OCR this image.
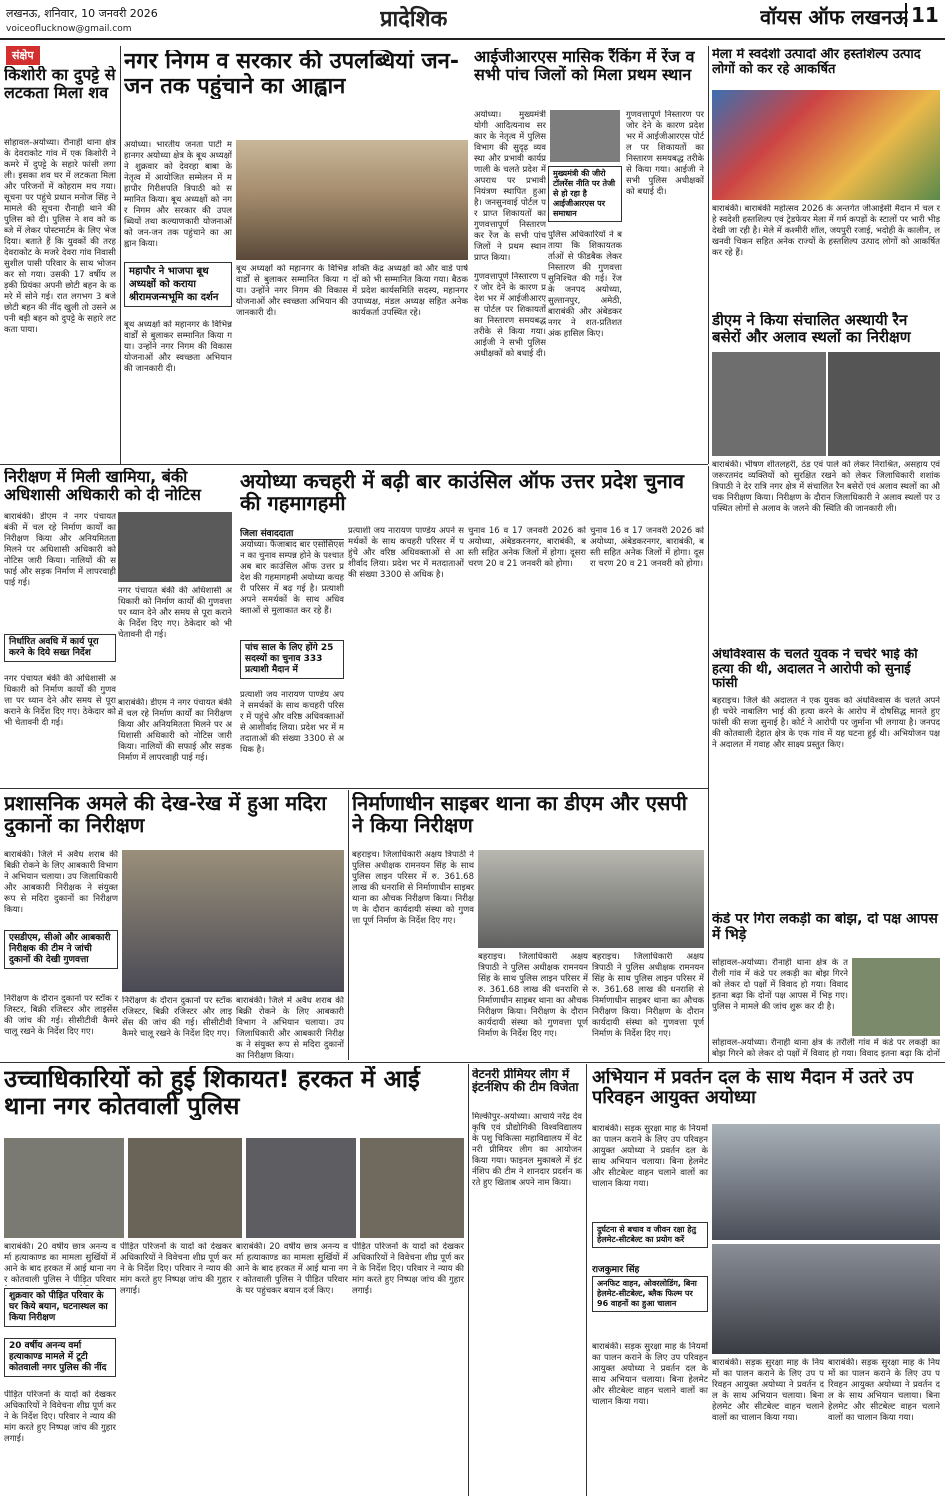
लखनऊ, शनिवार, 10 जनवरी 2026
voiceoflucknow@gmail.com	प्रादेशिक	वॉयस ऑफ लखनऊ 11
संक्षेप
किशोरी का दुपट्टे से लटकता मिला शव
सोहावल-अयोध्या। रौनाही थाना क्षेत्र के देवराकोट गांव में एक किशोरी ने कमरे में दुपट्टे के सहारे फांसी लगा ली। इसका शव घर में लटकता मिला और परिजनों में कोहराम मच गया। सूचना पर पहुंचे प्रधान मनोज सिंह ने मामले की सूचना रौनाही थाने की पुलिस को दी। पुलिस ने शव को कब्जे में लेकर पोस्टमार्टम के लिए भेज दिया। बताते हैं कि युवकों की तरह देवराकोट के मजरे देवरा गांव निवासी सुशील पासी परिवार के साथ भोजन कर सो गया। उसकी 17 वर्षीय लड़की प्रियंका अपनी छोटी बहन के कमरे में सोने गई। रात लगभग 3 बजे छोटी बहन की नींद खुली तो उसने अपनी बड़ी बहन को दुपट्टे के सहारे लटकता पाया।
नगर निगम व सरकार की उपलब्धियां जन-जन तक पहुंचाने का आह्वान
अयोध्या। भारतीय जनता पार्टी महानगर अयोध्या क्षेत्र के बूथ अध्यक्षों ने शुक्रवार को देवरहा बाबा के नेतृत्व में आयोजित सम्मेलन में महापौर गिरीशपति त्रिपाठी को सम्मानित किया। बूथ अध्यक्षों को नगर निगम और सरकार की उपलब्धियों तथा कल्याणकारी योजनाओं को जन-जन तक पहुंचाने का आह्वान किया।
महापौर ने भाजपा बूथ अध्यक्षों को कराया श्रीरामजन्मभूमि का दर्शन
बूथ अध्यक्षों को महानगर के विभिन्न वार्डों से बुलाकर सम्मानित किया गया। उन्होंने नगर निगम की विकास योजनाओं और स्वच्छता अभियान की जानकारी दी।
बूथ अध्यक्षों को महानगर के विभिन्न वार्डों से बुलाकर सम्मानित किया गया। उन्होंने नगर निगम की विकास योजनाओं और स्वच्छता अभियान की जानकारी दी।
शक्ति केंद्र अध्यक्षों को और वार्ड पार्षदों को भी सम्मानित किया गया। बैठक में प्रदेश कार्यसमिति सदस्य, महानगर उपाध्यक्ष, मंडल अध्यक्ष सहित अनेक कार्यकर्ता उपस्थित रहे।
आईजीआरएस मासिक रैंकिंग में रेंज व सभी पांच जिलों को मिला प्रथम स्थान
अयोध्या। मुख्यमंत्री योगी आदित्यनाथ सरकार के नेतृत्व में पुलिस विभाग की सुदृढ़ व्यवस्था और प्रभावी कार्यप्रणाली के चलते प्रदेश में अपराध पर प्रभावी नियंत्रण स्थापित हुआ है। जनसुनवाई पोर्टल पर प्राप्त शिकायतों का गुणवत्तापूर्ण निस्तारण कर रेंज के सभी पांच जिलों ने प्रथम स्थान प्राप्त किया।
मुख्यमंत्री की जीरो टॉलरेंस नीति पर तेजी से हो रहा है आईजीआरएस पर समाधान
पुलिस अधिकारियों ने बताया कि शिकायतकर्ताओं से फीडबैक लेकर निस्तारण की गुणवत्ता सुनिश्चित की गई। रेंज के जनपद अयोध्या, सुल्तानपुर, अमेठी, बाराबंकी और अंबेडकरनगर ने शत-प्रतिशत अंक हासिल किए।
गुणवत्तापूर्ण निस्तारण पर जोर देने के कारण प्रदेश भर में आईजीआरएस पोर्टल पर शिकायतों का निस्तारण समयबद्ध तरीके से किया गया। आईजी ने सभी पुलिस अधीक्षकों को बधाई दी।
गुणवत्तापूर्ण निस्तारण पर जोर देने के कारण प्रदेश भर में आईजीआरएस पोर्टल पर शिकायतों का निस्तारण समयबद्ध तरीके से किया गया। आईजी ने सभी पुलिस अधीक्षकों को बधाई दी।
मेला में स्वदेशी उत्पादों और हस्तशिल्प उत्पाद लोगों को कर रहे आकर्षित
बाराबंकी। बाराबंकी महोत्सव 2026 के अन्तर्गत जीआईसी मैदान में चल रहे स्वदेशी हस्तशिल्प एवं ट्रेडफेयर मेला में गर्म कपड़ों के स्टालों पर भारी भीड़ देखी जा रही है। मेले में कश्मीरी शॉल, जयपुरी रजाई, भदोही के कालीन, लखनवी चिकन सहित अनेक राज्यों के हस्तशिल्प उत्पाद लोगों को आकर्षित कर रहे हैं।
डीएम ने किया संचालित अस्थायी रैन बसेरों और अलाव स्थलों का निरीक्षण
बाराबंकी। भीषण शीतलहरी, ठंड एवं पाले को लेकर निराश्रित, असहाय एवं जरूरतमंद व्यक्तियों को सुरक्षित रखने को लेकर जिलाधिकारी शशांक त्रिपाठी ने देर रात्रि नगर क्षेत्र में संचालित रैन बसेरों एवं अलाव स्थलों का औचक निरीक्षण किया। निरीक्षण के दौरान जिलाधिकारी ने अलाव स्थलों पर उपस्थित लोगों से अलाव के जलने की स्थिति की जानकारी ली।
अंधविश्वास के चलते युवक ने चचेरे भाई की हत्या की थी, अदालत ने आरोपी को सुनाई फांसी
बहराइच। जिले की अदालत ने एक युवक को अंधविश्वास के चलते अपने ही चचेरे नाबालिग भाई की हत्या करने के आरोप में दोषसिद्ध मानते हुए फांसी की सजा सुनाई है। कोर्ट ने आरोपी पर जुर्माना भी लगाया है। जनपद की कोतवाली देहात क्षेत्र के एक गांव में यह घटना हुई थी। अभियोजन पक्ष ने अदालत में गवाह और साक्ष्य प्रस्तुत किए।
कंडे पर गिरा लकड़ी का बोझ, दो पक्ष आपस में भिड़े
सोहावल-अयोध्या। रौनाही थाना क्षेत्र के तरौली गांव में कंडे पर लकड़ी का बोझ गिरने को लेकर दो पक्षों में विवाद हो गया। विवाद इतना बढ़ा कि दोनों पक्ष आपस में भिड़ गए। पुलिस ने मामले की जांच शुरू कर दी है।
सोहावल-अयोध्या। रौनाही थाना क्षेत्र के तरौली गांव में कंडे पर लकड़ी का बोझ गिरने को लेकर दो पक्षों में विवाद हो गया। विवाद इतना बढ़ा कि दोनों
निरीक्षण में मिली खामिया, बंकी अधिशासी अधिकारी को दी नोटिस
बाराबंकी। डीएम ने नगर पंचायत बंकी में चल रहे निर्माण कार्यों का निरीक्षण किया और अनियमितता मिलने पर अधिशासी अधिकारी को नोटिस जारी किया। नालियों की सफाई और सड़क निर्माण में लापरवाही पाई गई।
नगर पंचायत बंकी की अधिशासी अधिकारी को निर्माण कार्यों की गुणवत्ता पर ध्यान देने और समय से पूरा कराने के निर्देश दिए गए। ठेकेदार को भी चेतावनी दी गई।
निर्धारित अवधि में कार्य पूरा करने के दिये सख्त निर्देश
नगर पंचायत बंकी की अधिशासी अधिकारी को निर्माण कार्यों की गुणवत्ता पर ध्यान देने और समय से पूरा कराने के निर्देश दिए गए। ठेकेदार को भी चेतावनी दी गई।
बाराबंकी। डीएम ने नगर पंचायत बंकी में चल रहे निर्माण कार्यों का निरीक्षण किया और अनियमितता मिलने पर अधिशासी अधिकारी को नोटिस जारी किया। नालियों की सफाई और सड़क निर्माण में लापरवाही पाई गई।
अयोध्या कचहरी में बढ़ी बार काउंसिल ऑफ उत्तर प्रदेश चुनाव की गहमागहमी
जिला संवाददाता
अयोध्या। फैजाबाद बार एसोसिएशन का चुनाव सम्पन्न होने के पश्चात अब बार काउंसिल ऑफ उत्तर प्रदेश की गहमागहमी अयोध्या कचहरी परिसर में बढ़ गई है। प्रत्याशी अपने समर्थकों के साथ अधिवक्ताओं से मुलाकात कर रहे हैं।
पांच साल के लिए होंगे 25 सदस्यों का चुनाव 333 प्रत्याशी मैदान में
प्रत्याशी जय नारायण पाण्डेय अपने समर्थकों के साथ कचहरी परिसर में पहुंचे और वरिष्ठ अधिवक्ताओं से आशीर्वाद लिया। प्रदेश भर में मतदाताओं की संख्या 3300 से अधिक है।
प्रत्याशी जय नारायण पाण्डेय अपने समर्थकों के साथ कचहरी परिसर में पहुंचे और वरिष्ठ अधिवक्ताओं से आशीर्वाद लिया। प्रदेश भर में मतदाताओं की संख्या 3300 से अधिक है।
चुनाव 16 व 17 जनवरी 2026 को अयोध्या, अंबेडकरनगर, बाराबंकी, बस्ती सहित अनेक जिलों में होगा। दूसरा चरण 20 व 21 जनवरी को होगा।
चुनाव 16 व 17 जनवरी 2026 को अयोध्या, अंबेडकरनगर, बाराबंकी, बस्ती सहित अनेक जिलों में होगा। दूसरा चरण 20 व 21 जनवरी को होगा।
प्रशासनिक अमले की देख-रेख में हुआ मदिरा दुकानों का निरीक्षण
बाराबंकी। जिले में अवैध शराब की बिक्री रोकने के लिए आबकारी विभाग ने अभियान चलाया। उप जिलाधिकारी और आबकारी निरीक्षक ने संयुक्त रूप से मदिरा दुकानों का निरीक्षण किया।
एसडीएम, सीओ और आबकारी निरीक्षक की टीम ने जांची दुकानों की देखी गुणवत्ता
निरीक्षण के दौरान दुकानों पर स्टॉक रजिस्टर, बिक्री रजिस्टर और लाइसेंस की जांच की गई। सीसीटीवी कैमरे चालू रखने के निर्देश दिए गए।
निरीक्षण के दौरान दुकानों पर स्टॉक रजिस्टर, बिक्री रजिस्टर और लाइसेंस की जांच की गई। सीसीटीवी कैमरे चालू रखने के निर्देश दिए गए।
बाराबंकी। जिले में अवैध शराब की बिक्री रोकने के लिए आबकारी विभाग ने अभियान चलाया। उप जिलाधिकारी और आबकारी निरीक्षक ने संयुक्त रूप से मदिरा दुकानों का निरीक्षण किया।
निर्माणाधीन साइबर थाना का डीएम और एसपी ने किया निरीक्षण
बहराइच। जिलाधिकारी अक्षय त्रिपाठी ने पुलिस अधीक्षक रामनयन सिंह के साथ पुलिस लाइन परिसर में रु. 361.68 लाख की धनराशि से निर्माणाधीन साइबर थाना का औचक निरीक्षण किया। निरीक्षण के दौरान कार्यदायी संस्था को गुणवत्ता पूर्ण निर्माण के निर्देश दिए गए।
बहराइच। जिलाधिकारी अक्षय त्रिपाठी ने पुलिस अधीक्षक रामनयन सिंह के साथ पुलिस लाइन परिसर में रु. 361.68 लाख की धनराशि से निर्माणाधीन साइबर थाना का औचक निरीक्षण किया। निरीक्षण के दौरान कार्यदायी संस्था को गुणवत्ता पूर्ण निर्माण के निर्देश दिए गए।
बहराइच। जिलाधिकारी अक्षय त्रिपाठी ने पुलिस अधीक्षक रामनयन सिंह के साथ पुलिस लाइन परिसर में रु. 361.68 लाख की धनराशि से निर्माणाधीन साइबर थाना का औचक निरीक्षण किया। निरीक्षण के दौरान कार्यदायी संस्था को गुणवत्ता पूर्ण निर्माण के निर्देश दिए गए।
उच्चाधिकारियों को हुई शिकायत! हरकत में आई थाना नगर कोतवाली पुलिस
बाराबंकी। 20 वर्षीय छात्र अनन्य वर्मा हत्याकाण्ड का मामला सुर्खियों में आने के बाद हरकत में आई थाना नगर कोतवाली पुलिस ने पीड़ित परिवार
शुक्रवार को पीड़ित परिवार के घर किये बयान, घटनास्थल का किया निरीक्षण
20 वर्षीय अनन्य वर्मा हत्याकाण्ड मामले में टूटी कोतवाली नगर पुलिस की नींद
पीड़ित परिजनों के यादों को देखकर अधिकारियों ने विवेचना शीघ्र पूर्ण करने के निर्देश दिए। परिवार ने न्याय की मांग करते हुए निष्पक्ष जांच की गुहार लगाई।
पीड़ित परिजनों के यादों को देखकर अधिकारियों ने विवेचना शीघ्र पूर्ण करने के निर्देश दिए। परिवार ने न्याय की मांग करते हुए निष्पक्ष जांच की गुहार लगाई।
बाराबंकी। 20 वर्षीय छात्र अनन्य वर्मा हत्याकाण्ड का मामला सुर्खियों में आने के बाद हरकत में आई थाना नगर कोतवाली पुलिस ने पीड़ित परिवार के घर पहुंचकर बयान दर्ज किए।
पीड़ित परिजनों के यादों को देखकर अधिकारियों ने विवेचना शीघ्र पूर्ण करने के निर्देश दिए। परिवार ने न्याय की मांग करते हुए निष्पक्ष जांच की गुहार लगाई।
वेटनरी प्रीमियर लीग में इंटर्नशिप की टीम विजेता
मिल्कीपुर-अयोध्या। आचार्य नरेंद्र देव कृषि एवं प्रौद्योगिकी विश्वविद्यालय के पशु चिकित्सा महाविद्यालय में वेटनरी प्रीमियर लीग का आयोजन किया गया। फाइनल मुकाबले में इंटर्नशिप की टीम ने शानदार प्रदर्शन करते हुए खिताब अपने नाम किया।
अभियान में प्रवर्तन दल के साथ मैदान में उतरे उप परिवहन आयुक्त अयोध्या
बाराबंकी। सड़क सुरक्षा माह के नियमों का पालन कराने के लिए उप परिवहन आयुक्त अयोध्या ने प्रवर्तन दल के साथ अभियान चलाया। बिना हेलमेट और सीटबेल्ट वाहन चलाने वालों का चालान किया गया।
दुर्घटना से बचाव व जीवन रक्षा हेतु हेलमेट-सीटबेल्ट का प्रयोग करें
राजकुमार सिंह
अनफिट वाहन, ओवरलोडिंग, बिना हेलमेट-सीटबेल्ट, ब्लैक फिल्म पर 96 वाहनों का हुआ चालान
बाराबंकी। सड़क सुरक्षा माह के नियमों का पालन कराने के लिए उप परिवहन आयुक्त अयोध्या ने प्रवर्तन दल के साथ अभियान चलाया। बिना हेलमेट और सीटबेल्ट वाहन चलाने वालों का चालान किया गया।
बाराबंकी। सड़क सुरक्षा माह के नियमों का पालन कराने के लिए उप परिवहन आयुक्त अयोध्या ने प्रवर्तन दल के साथ अभियान चलाया। बिना हेलमेट और सीटबेल्ट वाहन चलाने वालों का चालान किया गया।
बाराबंकी। सड़क सुरक्षा माह के नियमों का पालन कराने के लिए उप परिवहन आयुक्त अयोध्या ने प्रवर्तन दल के साथ अभियान चलाया। बिना हेलमेट और सीटबेल्ट वाहन चलाने वालों का चालान किया गया।
